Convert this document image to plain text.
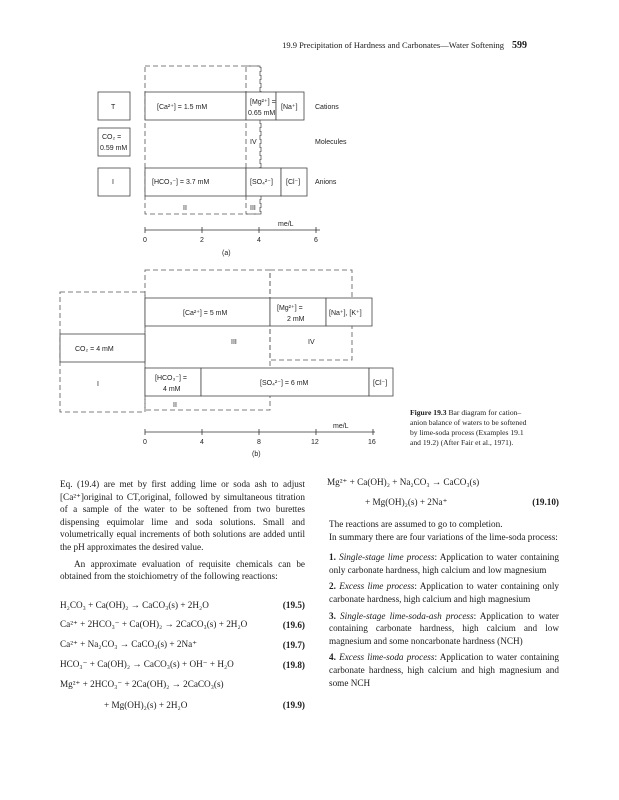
19.9 Precipitation of Hardness and Carbonates—Water Softening 599
T
CO₂ =
0.59 mM
I
[Ca²⁺] = 1.5 mM
[Mg²⁺] =
0.65 mM
[Na⁺] Cations
IV	Molecules
[HCO₃⁻] = 3.7 mM	[SO₄²⁻] [Cl⁻] Anions
II	III
me/L
0	2	4	6
(a)
[Ca²⁺] = 5 mM
[Mg²⁺] =
2 mM
[Na⁺], [K⁺]
CO₂ = 4 mM
III	IV
I
[HCO₃⁻] =
4 mM
[SO₄²⁻] = 6 mM	[Cl⁻]
II
me/L
0	4	8	12	16
(b)
Figure 19.3 Bar diagram for cation–anion balance of waters to be softened by lime-soda process (Examples 19.1 and 19.2) (After Fair et al., 1971).

Eq. (19.4) are met by first adding lime or soda ash to adjust [Ca²⁺]original to CT,original, followed by simultaneous titration of a sample of the water to be softened from two burettes dispensing equimolar lime and soda solutions. Small and volumetrically equal increments of both solutions are added until the pH approximates the desired value.

An approximate evaluation of requisite chemicals can be obtained from the stoichiometry of the following reactions:

H₂CO₃ + Ca(OH)₂ → CaCO₃(s) + 2H₂O	(19.5)
Ca²⁺ + 2HCO₃⁻ + Ca(OH)₂ → 2CaCO₃(s) + 2H₂O	(19.6)
Ca²⁺ + Na₂CO₃ → CaCO₃(s) + 2Na⁺	(19.7)
HCO₃⁻ + Ca(OH)₂ → CaCO₃(s) + OH⁻ + H₂O	(19.8)
Mg²⁺ + 2HCO₃⁻ + 2Ca(OH)₂ → 2CaCO₃(s)
+ Mg(OH)₂(s) + 2H₂O	(19.9)
Mg²⁺ + Ca(OH)₂ + Na₂CO₃ → CaCO₃(s)
+ Mg(OH)₂(s) + 2Na⁺	(19.10)

The reactions are assumed to go to completion.

In summary there are four variations of the lime-soda process:

1. Single-stage lime process: Application to water containing only carbonate hardness, high calcium and low magnesium
2. Excess lime process: Application to water containing only carbonate hardness, high calcium and high magnesium
3. Single-stage lime-soda-ash process: Application to water containing carbonate hardness, high calcium and low magnesium and some noncarbonate hardness (NCH)
4. Excess lime-soda process: Application to water containing carbonate hardness, high calcium and high magnesium and some NCH
